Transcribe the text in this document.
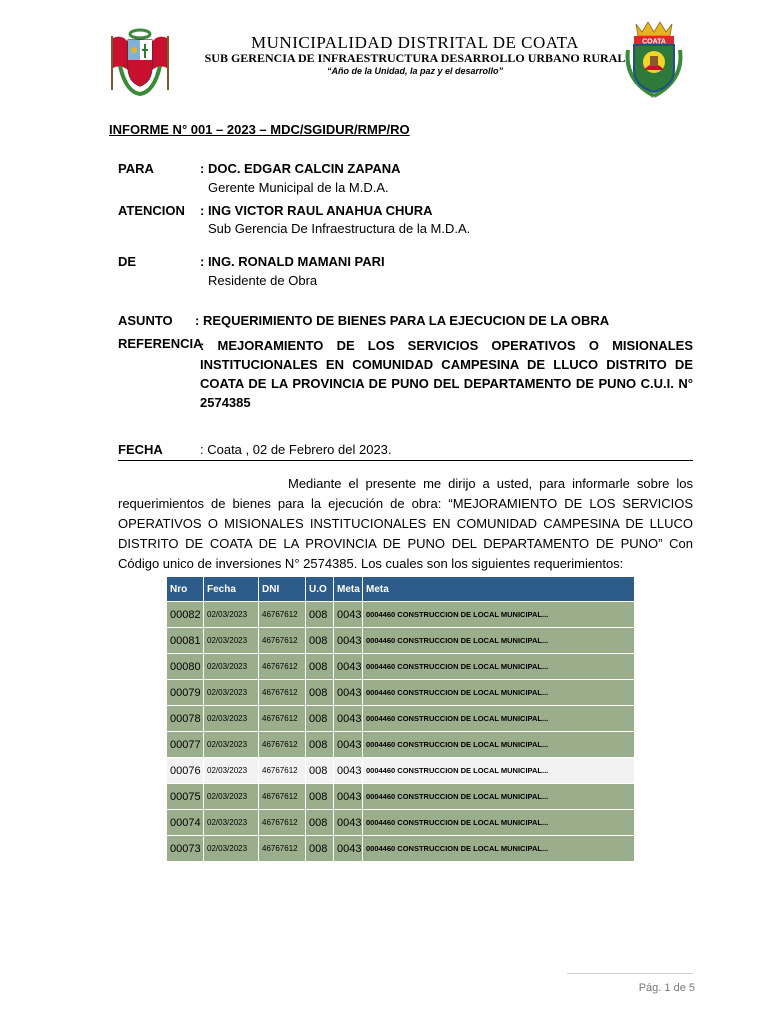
MUNICIPALIDAD DISTRITAL DE COATA
SUB GERENCIA DE INFRAESTRUCTURA DESARROLLO URBANO RURAL
“Año de la Unidad, la paz y el desarrollo”
COATA
INFORME N° 001 – 2023 – MDC/SGIDUR/RMP/RO
PARA	: DOC. EDGAR CALCIN ZAPANA
Gerente Municipal de la M.D.A.
ATENCION : ING VICTOR RAUL ANAHUA CHURA
Sub Gerencia De Infraestructura de la M.D.A.
DE	: ING. RONALD MAMANI PARI
Residente de Obra
ASUNTO : REQUERIMIENTO DE BIENES PARA LA EJECUCION DE LA OBRA
REFERENCIA
: MEJORAMIENTO DE LOS SERVICIOS OPERATIVOS O MISIONALES INSTITUCIONALES EN COMUNIDAD CAMPESINA DE LLUCO DISTRITO DE COATA DE LA PROVINCIA DE PUNO DEL DEPARTAMENTO DE PUNO C.U.I. N° 2574385
FECHA	: Coata , 02 de Febrero del 2023.
Mediante el presente me dirijo a usted, para informarle sobre los requerimientos de bienes para la ejecución de obra: “MEJORAMIENTO DE LOS SERVICIOS OPERATIVOS O MISIONALES INSTITUCIONALES EN COMUNIDAD CAMPESINA DE LLUCO DISTRITO DE COATA DE LA PROVINCIA DE PUNO DEL DEPARTAMENTO DE PUNO” Con Código unico de inversiones N° 2574385. Los cuales son los siguientes requerimientos:
Nro	Fecha	DNI	U.O	Meta	Meta
00082	02/03/2023	46767612	008	0043	0004460 CONSTRUCCION DE LOCAL MUNICIPAL...
00081	02/03/2023	46767612	008	0043	0004460 CONSTRUCCION DE LOCAL MUNICIPAL...
00080	02/03/2023	46767612	008	0043	0004460 CONSTRUCCION DE LOCAL MUNICIPAL...
00079	02/03/2023	46767612	008	0043	0004460 CONSTRUCCION DE LOCAL MUNICIPAL...
00078	02/03/2023	46767612	008	0043	0004460 CONSTRUCCION DE LOCAL MUNICIPAL...
00077	02/03/2023	46767612	008	0043	0004460 CONSTRUCCION DE LOCAL MUNICIPAL...
00076	02/03/2023	46767612	008	0043	0004460 CONSTRUCCION DE LOCAL MUNICIPAL...
00075	02/03/2023	46767612	008	0043	0004460 CONSTRUCCION DE LOCAL MUNICIPAL...
00074	02/03/2023	46767612	008	0043	0004460 CONSTRUCCION DE LOCAL MUNICIPAL...
00073	02/03/2023	46767612	008	0043	0004460 CONSTRUCCION DE LOCAL MUNICIPAL...
Pág. 1 de 5
